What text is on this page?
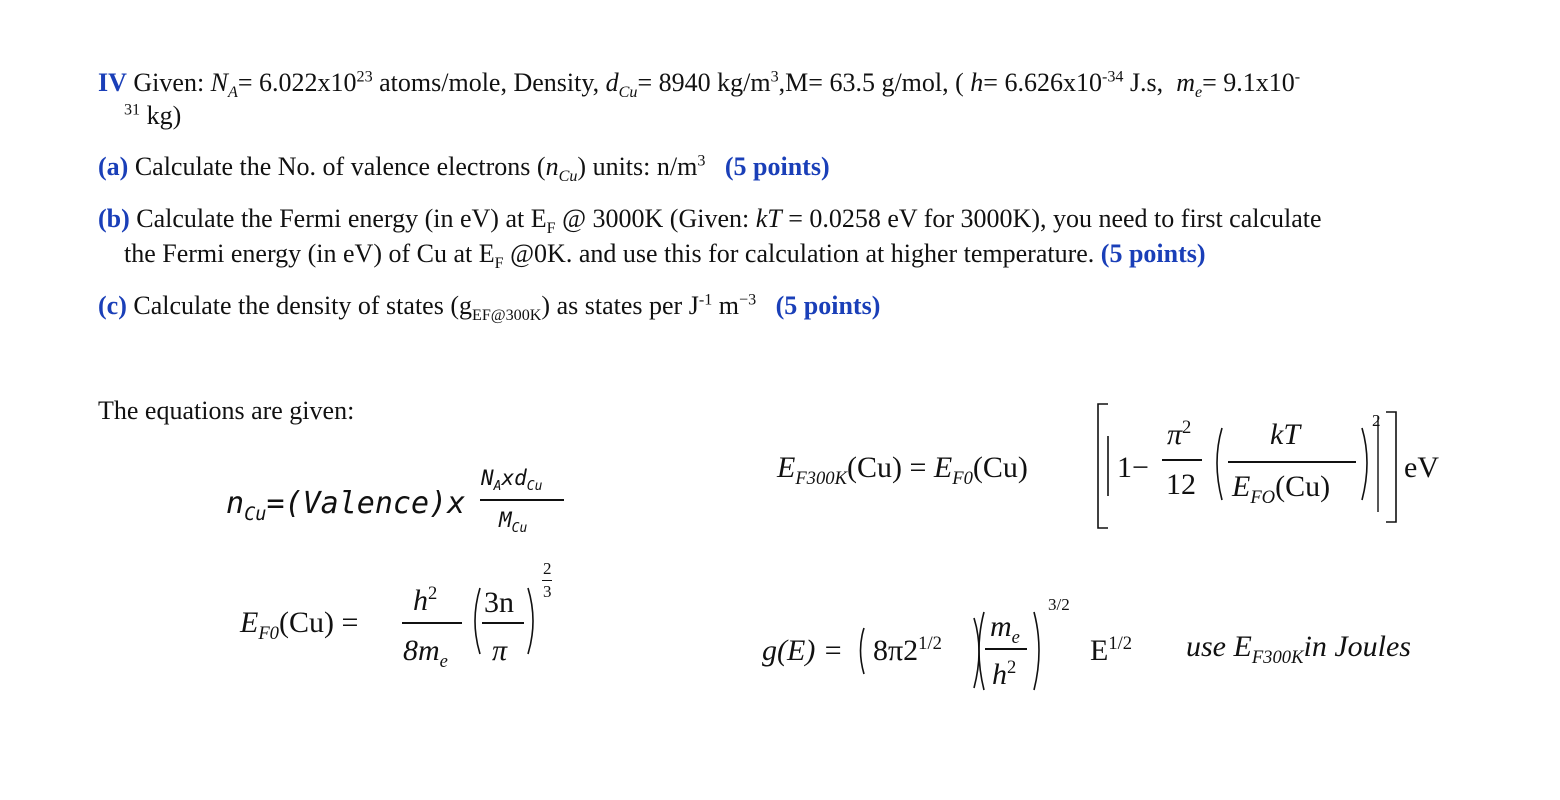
IV Given: $N_A= 6.022x10^{23}$ atoms/mole, Density, $d_{Cu}= 8940$ $kg/m^3,M= 63.5$ g/mol, ( $h= 6.626x10^{-34}$ J.s, $m_e= 9.1x10^-$
$^{31}$ kg)
(a) Calculate the No. of valence electrons $(n_{Cu})$ units: $n/m^3$ (5 points)
(b) Calculate the Fermi energy (in eV) at $E_F$ @ 3000K (Given: kT = 0.0258 eV for 3000K), you need to first calculate
the Fermi energy (in eV) of Cu at $E_F$ @0K. and use this for calculation at higher temperature. (5 points)
(c) Calculate the density of states $(g_{EF@300K})$ as states per $J^{-1}$ $m^{-3}$ (5 points)
The equations are given:
$n_{Cu}=(Valence)x$
$N_Axd_{Cu}$
$M_{Cu}$
$E_{F0}(Cu)$ =
$h^2$
$8m_e$
3n
π
2
3
$E_{F300K}(Cu) = E_{F0}(Cu)$	1−
$\pi^2$
12
kT
$E_{FO}(Cu)$
2
eV
$g(E) = 8\pi 2^{1/2}$
$m_e$
$h^2$
3/2
$E^{1/2}$ use $E_{F300K}in$ Joules
